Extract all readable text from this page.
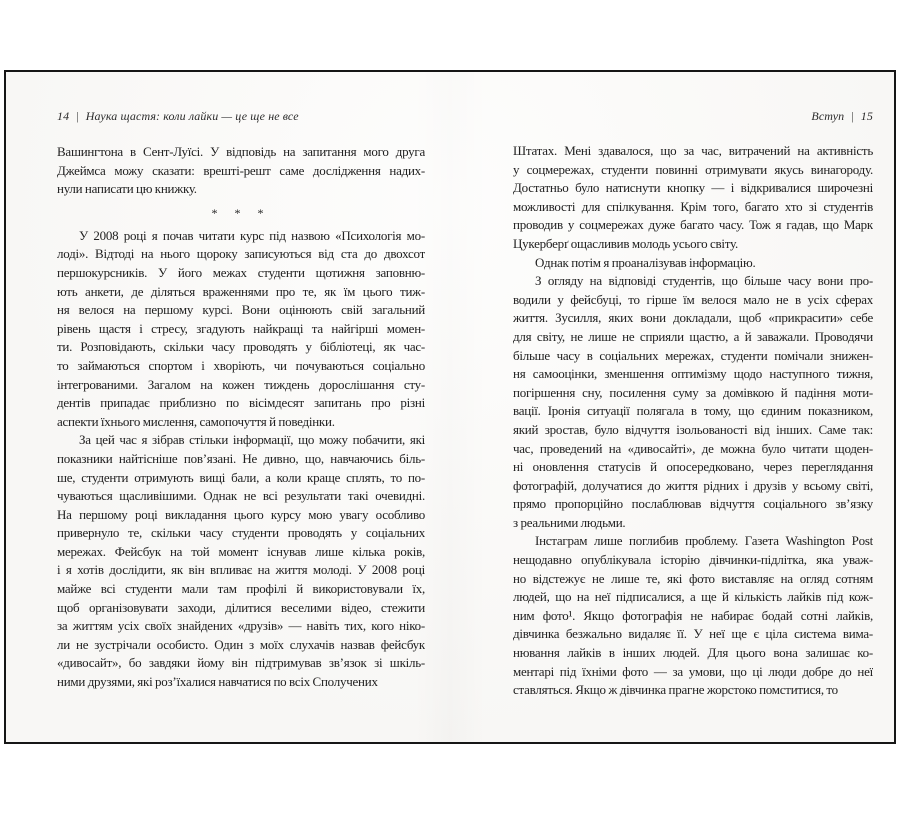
14 | Наука щастя: коли лайки — це ще не все	Вступ | 15
Вашингтона в Сент-Луїсі. У відповідь на запитання мого друга
Джеймса можу сказати: врешті-решт саме дослідження надих-
нули написати цю книжку.
* * *
У 2008 році я почав читати курс під назвою «Психологія мо-
лоді». Відтоді на нього щороку записуються від ста до двохсот
першокурсників. У його межах студенти щотижня заповню-
ють анкети, де діляться враженнями про те, як їм цього тиж-
ня велося на першому курсі. Вони оцінюють свій загальний
рівень щастя і стресу, згадують найкращі та найгірші момен-
ти. Розповідають, скільки часу проводять у бібліотеці, як час-
то займаються спортом і хворіють, чи почуваються соціально
інтегрованими. Загалом на кожен тиждень дорослішання сту-
дентів припадає приблизно по вісімдесят запитань про різні
аспекти їхнього мислення, самопочуття й поведінки.
За цей час я зібрав стільки інформації, що можу побачити, які
показники найтісніше пов’язані. Не дивно, що, навчаючись біль-
ше, студенти отримують вищі бали, а коли краще сплять, то по-
чуваються щасливішими. Однак не всі результати такі очевидні.
На першому році викладання цього курсу мою увагу особливо
привернуло те, скільки часу студенти проводять у соціальних
мережах. Фейсбук на той момент існував лише кілька років,
і я хотів дослідити, як він впливає на життя молоді. У 2008 році
майже всі студенти мали там профілі й використовували їх,
щоб організовувати заходи, ділитися веселими відео, стежити
за життям усіх своїх знайдених «друзів» — навіть тих, кого ніко-
ли не зустрічали особисто. Один з моїх слухачів назвав фейсбук
«дивосайт», бо завдяки йому він підтримував зв’язок зі шкіль-
ними друзями, які роз’їхалися навчатися по всіх Сполучених
Штатах. Мені здавалося, що за час, витрачений на активність
у соцмережах, студенти повинні отримувати якусь винагороду.
Достатньо було натиснути кнопку — і відкривалися широчезні
можливості для спілкування. Крім того, багато хто зі студентів
проводив у соцмережах дуже багато часу. Тож я гадав, що Марк
Цукерберґ ощасливив молодь усього світу.
Однак потім я проаналізував інформацію.
З огляду на відповіді студентів, що більше часу вони про-
водили у фейсбуці, то гірше їм велося мало не в усіх сферах
життя. Зусилля, яких вони докладали, щоб «прикрасити» себе
для світу, не лише не сприяли щастю, а й заважали. Проводячи
більше часу в соціальних мережах, студенти помічали знижен-
ня самооцінки, зменшення оптимізму щодо наступного тижня,
погіршення сну, посилення суму за домівкою й падіння моти-
вації. Іронія ситуації полягала в тому, що єдиним показником,
який зростав, було відчуття ізольованості від інших. Саме так:
час, проведений на «дивосайті», де можна було читати щоден-
ні оновлення статусів й опосередковано, через переглядання
фотографій, долучатися до життя рідних і друзів у всьому світі,
прямо пропорційно послаблював відчуття соціального зв’язку
з реальними людьми.
Інстаграм лише поглибив проблему. Газета Washington Post
нещодавно опублікувала історію дівчинки-підлітка, яка уваж-
но відстежує не лише те, які фото виставляє на огляд сотням
людей, що на неї підписалися, а ще й кількість лайків під кож-
ним фото¹. Якщо фотографія не набирає бодай сотні лайків,
дівчинка безжально видаляє її. У неї ще є ціла система вима-
нювання лайків в інших людей. Для цього вона залишає ко-
ментарі під їхніми фото — за умови, що ці люди добре до неї
ставляться. Якщо ж дівчинка прагне жорстоко помститися, то
